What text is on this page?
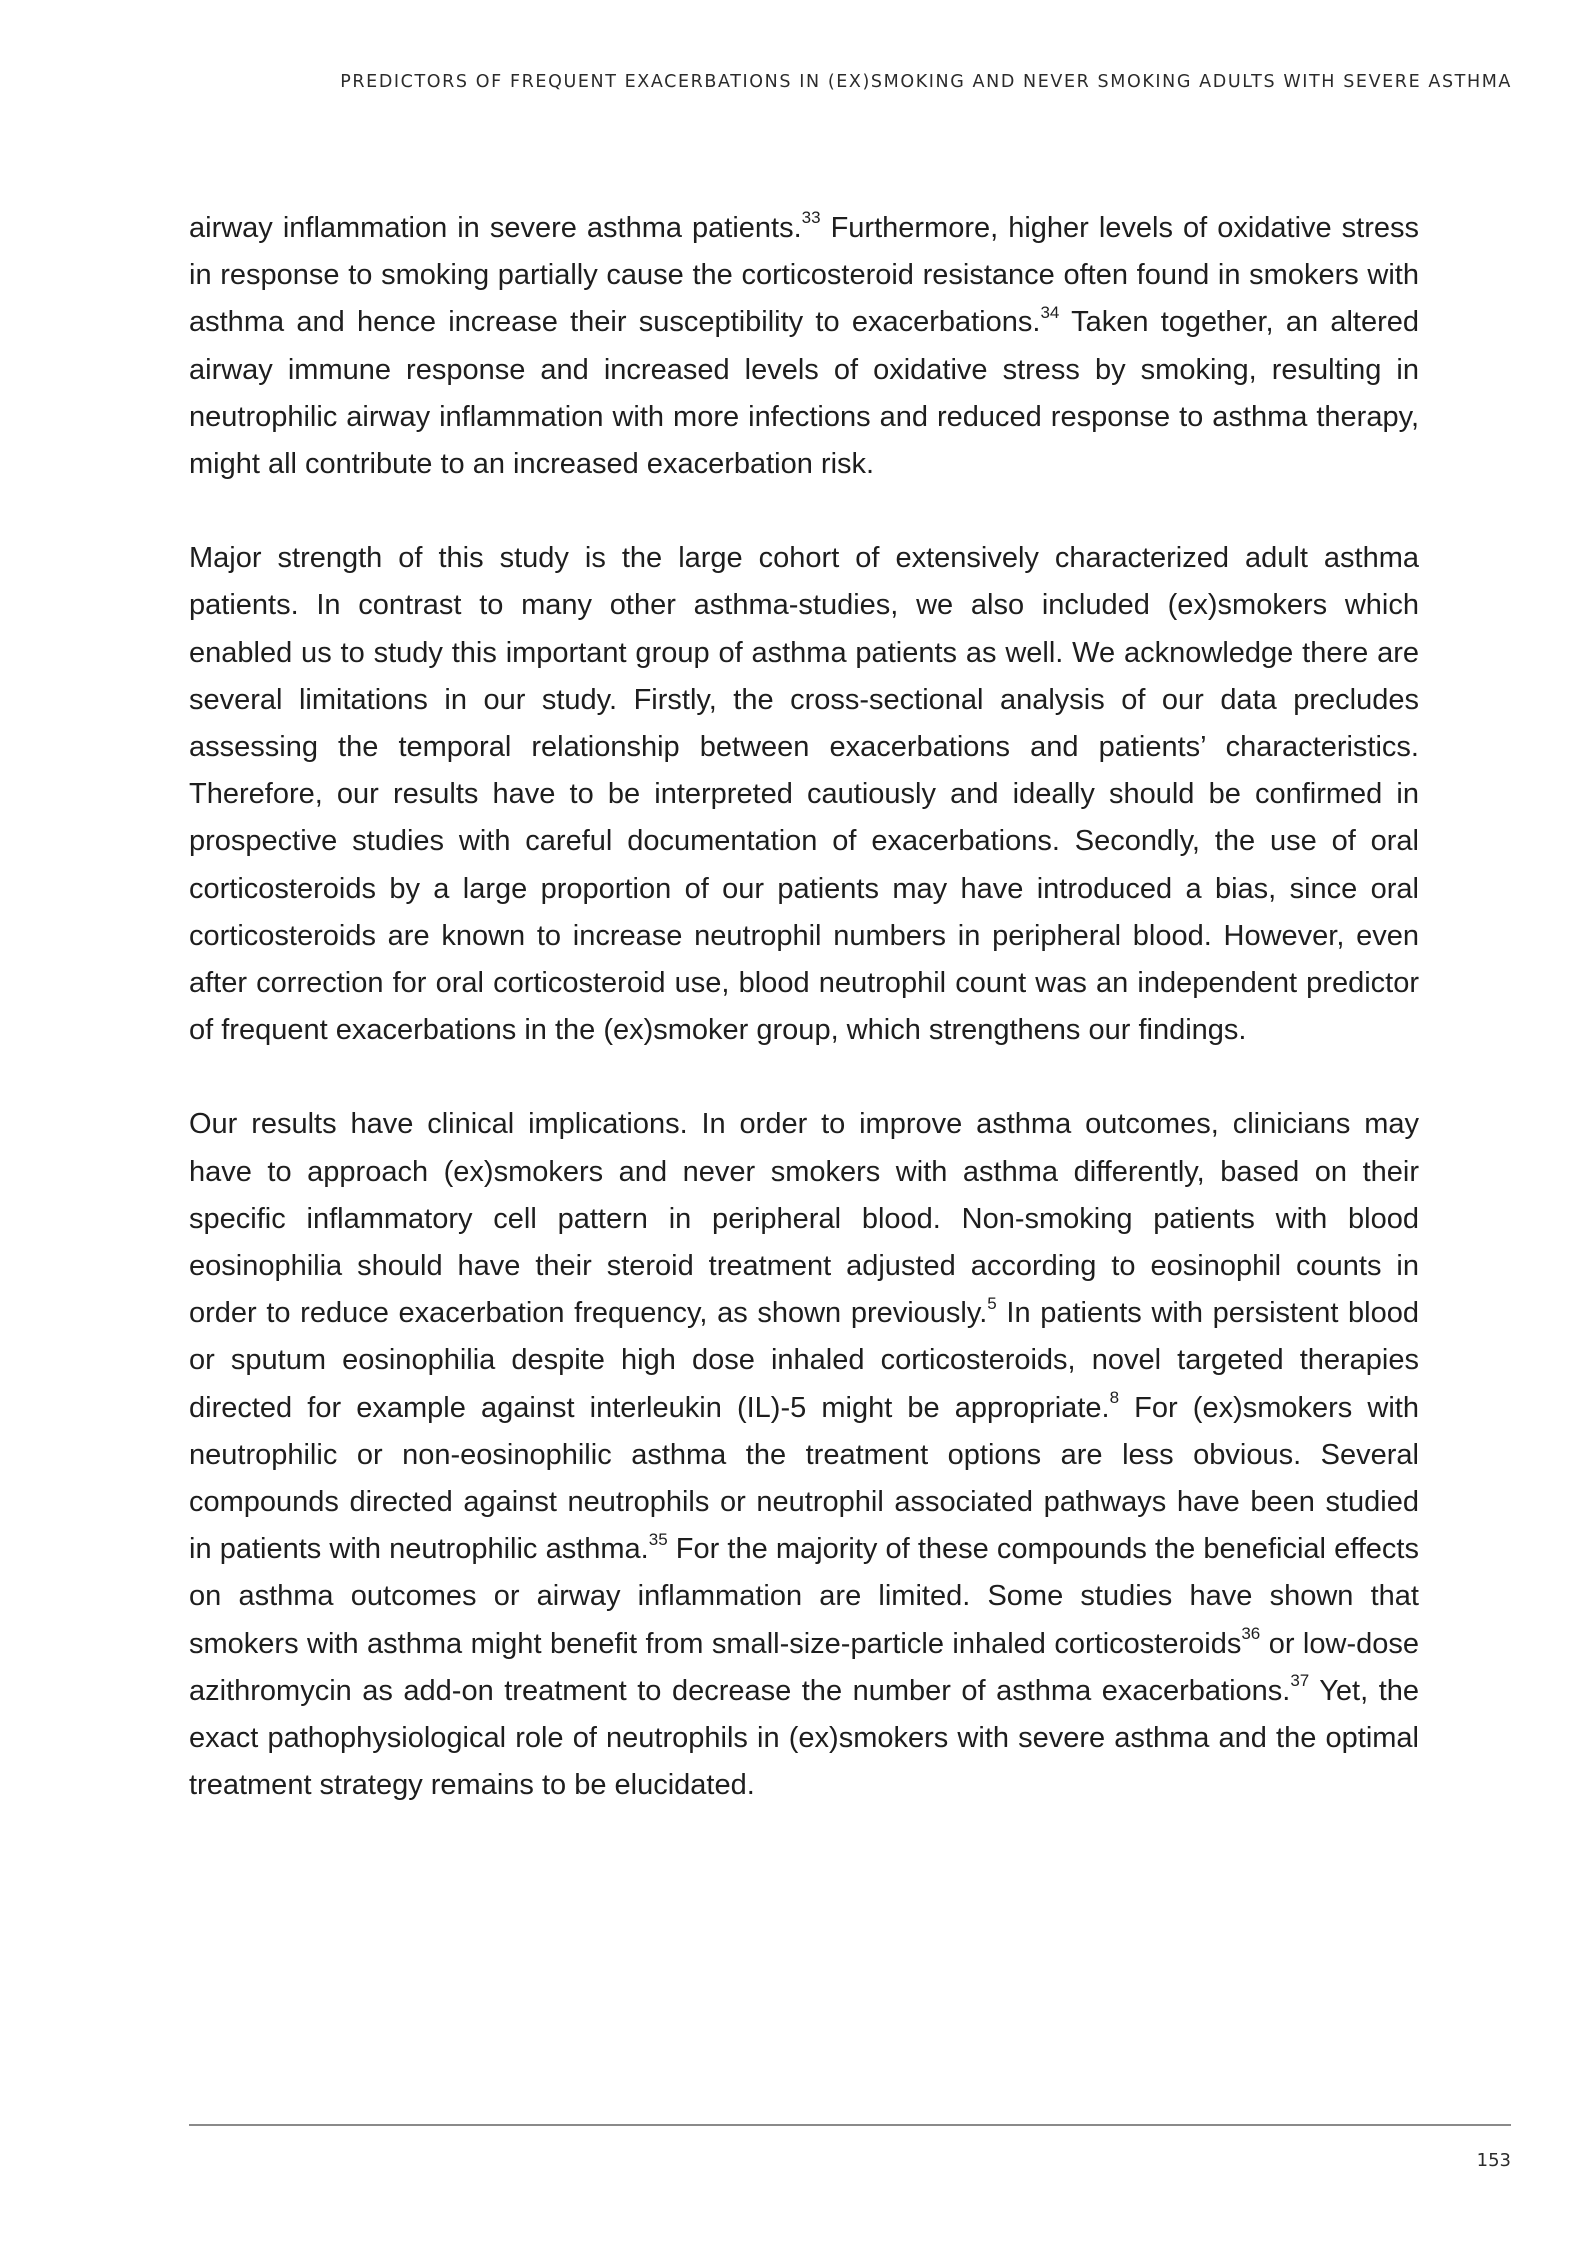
PREDICTORS OF FREQUENT EXACERBATIONS IN (EX)SMOKING AND NEVER SMOKING ADULTS WITH SEVERE ASTHMA

airway inflammation in severe asthma patients.$^{33}$ Furthermore, higher levels of oxidative stress in response to smoking partially cause the corticosteroid resistance often found in smokers with asthma and hence increase their susceptibility to exacerbations.$^{34}$ Taken together, an altered airway immune response and increased levels of oxidative stress by smoking, resulting in neutrophilic airway inflammation with more infections and reduced response to asthma therapy, might all contribute to an increased exacerbation risk.

Major strength of this study is the large cohort of extensively characterized adult asthma patients. In contrast to many other asthma-studies, we also included (ex)smokers which enabled us to study this important group of asthma patients as well. We acknowledge there are several limitations in our study. Firstly, the cross-sectional analysis of our data precludes assessing the temporal relationship between exacerbations and patients’ characteristics. Therefore, our results have to be interpreted cautiously and ideally should be confirmed in prospective studies with careful documentation of exacerbations. Secondly, the use of oral corticosteroids by a large proportion of our patients may have introduced a bias, since oral corticosteroids are known to increase neutrophil numbers in peripheral blood. However, even after correction for oral corticosteroid use, blood neutrophil count was an independent predictor of frequent exacerbations in the (ex)smoker group, which strengthens our findings.

Our results have clinical implications. In order to improve asthma outcomes, clinicians may have to approach (ex)smokers and never smokers with asthma differently, based on their specific inflammatory cell pattern in peripheral blood. Non-smoking patients with blood eosinophilia should have their steroid treatment adjusted according to eosinophil counts in order to reduce exacerbation frequency, as shown previously.$^5$ In patients with persistent blood or sputum eosinophilia despite high dose inhaled corticosteroids, novel targeted therapies directed for example against interleukin (IL)-5 might be appropriate.$^8$ For (ex)smokers with neutrophilic or non-eosinophilic asthma the treatment options are less obvious. Several compounds directed against neutrophils or neutrophil associated pathways have been studied in patients with neutrophilic asthma.$^{35}$ For the majority of these compounds the beneficial effects on asthma outcomes or airway inflammation are limited. Some studies have shown that smokers with asthma might benefit from small-size-particle inhaled corticosteroids$^{36}$ or low-dose azithromycin as add-on treatment to decrease the number of asthma exacerbations.$^{37}$ Yet, the exact pathophysiological role of neutrophils in (ex)smokers with severe asthma and the optimal treatment strategy remains to be elucidated.

153
